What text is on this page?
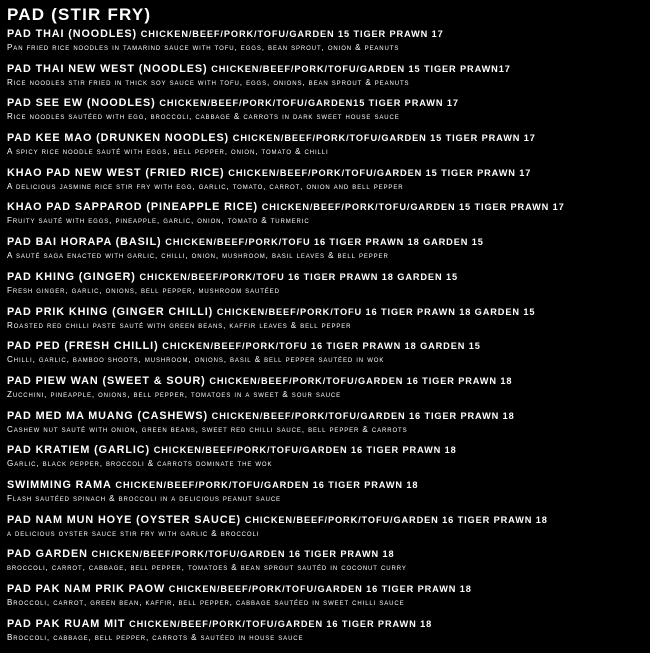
PAD (STIR FRY)
PAD THAI (NOODLES) CHICKEN/BEEF/PORK/TOFU/GARDEN 15 TIGER PRAWN 17
Pan fried rice noodles in tamarind sauce with tofu, eggs, bean sprout, onion & peanuts
PAD THAI NEW WEST (NOODLES) CHICKEN/BEEF/PORK/TOFU/GARDEN 15 TIGER PRAWN17
Rice noodles stir fried in thick soy sauce with tofu, eggs, onions, bean sprout & peanuts
PAD SEE EW (NOODLES) CHICKEN/BEEF/PORK/TOFU/GARDEN15 TIGER PRAWN 17
Rice noodles sautéed with egg, broccoli, cabbage & carrots in dark sweet house sauce
PAD KEE MAO (DRUNKEN NOODLES) CHICKEN/BEEF/PORK/TOFU/GARDEN 15 TIGER PRAWN 17
A spicy rice noodle sauté with eggs, bell pepper, onion, tomato & chilli
KHAO PAD NEW WEST (FRIED RICE) CHICKEN/BEEF/PORK/TOFU/GARDEN 15 TIGER PRAWN 17
A delicious jasmine rice stir fry with egg, garlic, tomato, carrot, onion and bell pepper
KHAO PAD SAPPAROD (PINEAPPLE RICE) CHICKEN/BEEF/PORK/TOFU/GARDEN 15 TIGER PRAWN 17
Fruity sauté with eggs, pineapple, garlic, onion, tomato & turmeric
PAD BAI HORAPA (BASIL) CHICKEN/BEEF/PORK/TOFU 16 TIGER PRAWN 18 GARDEN 15
A sauté saga enacted with garlic, chilli, onion, mushroom, basil leaves & bell pepper
PAD KHING (GINGER) CHICKEN/BEEF/PORK/TOFU 16 TIGER PRAWN 18 GARDEN 15
Fresh ginger, garlic, onions, bell pepper, mushroom sautéed
PAD PRIK KHING (GINGER CHILLI) CHICKEN/BEEF/PORK/TOFU 16 TIGER PRAWN 18 GARDEN 15
Roasted red chilli paste sauté with green beans, kaffir leaves & bell pepper
PAD PED (FRESH CHILLI) CHICKEN/BEEF/PORK/TOFU 16 TIGER PRAWN 18 GARDEN 15
Chilli, garlic, bamboo shoots, mushroom, onions, basil & bell pepper sautéed in wok
PAD PIEW WAN (SWEET & SOUR) CHICKEN/BEEF/PORK/TOFU/GARDEN 16 TIGER PRAWN 18
Zucchini, pineapple, onions, bell pepper, tomatoes in a sweet & sour sauce
PAD MED MA MUANG (CASHEWS) CHICKEN/BEEF/PORK/TOFU/GARDEN 16 TIGER PRAWN 18
Cashew nut sauté with onion, green beans, sweet red chilli sauce, bell pepper & carrots
PAD KRATIEM (GARLIC) CHICKEN/BEEF/PORK/TOFU/GARDEN 16 TIGER PRAWN 18
Garlic, black pepper, broccoli & carrots dominate the wok
SWIMMING RAMA CHICKEN/BEEF/PORK/TOFU/GARDEN 16 TIGER PRAWN 18
Flash sautéed spinach & broccoli in a delicious peanut sauce
PAD NAM MUN HOYE (OYSTER SAUCE) CHICKEN/BEEF/PORK/TOFU/GARDEN 16 TIGER PRAWN 18
a delicious oyster sauce stir fry with garlic & broccoli
PAD GARDEN CHICKEN/BEEF/PORK/TOFU/GARDEN 16 TIGER PRAWN 18
broccoli, carrot, cabbage, bell pepper, tomatoes & bean sprout sautéd in coconut curry
PAD PAK NAM PRIK PAOW CHICKEN/BEEF/PORK/TOFU/GARDEN 16 TIGER PRAWN 18
Broccoli, carrot, green bean, kaffir, bell pepper, cabbage sautéed in sweet chilli sauce
PAD PAK RUAM MIT CHICKEN/BEEF/PORK/TOFU/GARDEN 16 TIGER PRAWN 18
Broccoli, cabbage, bell pepper, carrots & sautéed in house sauce
